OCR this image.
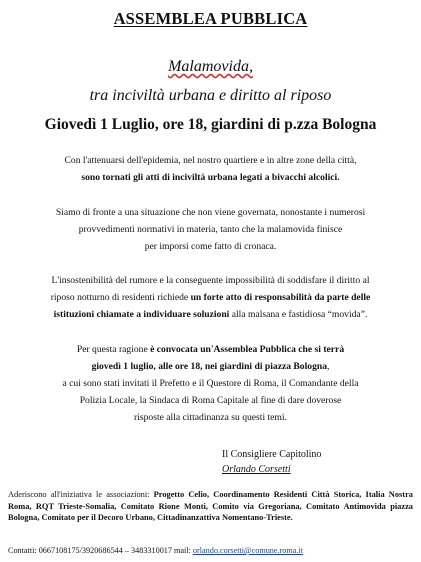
ASSEMBLEA PUBBLICA
Malamovida,
tra inciviltà urbana e diritto al riposo
Giovedì 1 Luglio, ore 18, giardini di p.zza Bologna
Con l'attenuarsi dell'epidemia, nel nostro quartiere e in altre zone della città,
sono tornati gli atti di inciviltà urbana legati a bivacchi alcolici.
Siamo di fronte a una situazione che non viene governata, nonostante i numerosi
provvedimenti normativi in materia, tanto che la malamovida finisce
per imporsi come fatto di cronaca.
L'insostenibilità del rumore e la conseguente impossibilità di soddisfare il diritto al
riposo notturno di residenti richiede un forte atto di responsabilità da parte delle
istituzioni chiamate a individuare soluzioni alla malsana e fastidiosa “movida”.
Per questa ragione è convocata un'Assemblea Pubblica che si terrà
giovedì 1 luglio, alle ore 18, nei giardini di piazza Bologna,
a cui sono stati invitati il Prefetto e il Questore di Roma, il Comandante della
Polizia Locale, la Sindaca di Roma Capitale al fine di dare doverose
risposte alla cittadinanza su questi temi.
Il Consigliere Capitolino
Orlando Corsetti
Aderiscono all'iniziativa le associazioni: Progetto Celio, Coordinamento Residenti Città Storica, Italia Nostra Roma, RQT Trieste-Somalia, Comitato Rione Monti, Comito via Gregoriana, Comitato Antimovida piazza Bologna, Comitato per il Decoro Urbano, Cittadinanzattiva Nomentano-Trieste.
Contatti: 0667108175/3920686544 – 3483310017 mail: orlando.corsetti@comune.roma.it
